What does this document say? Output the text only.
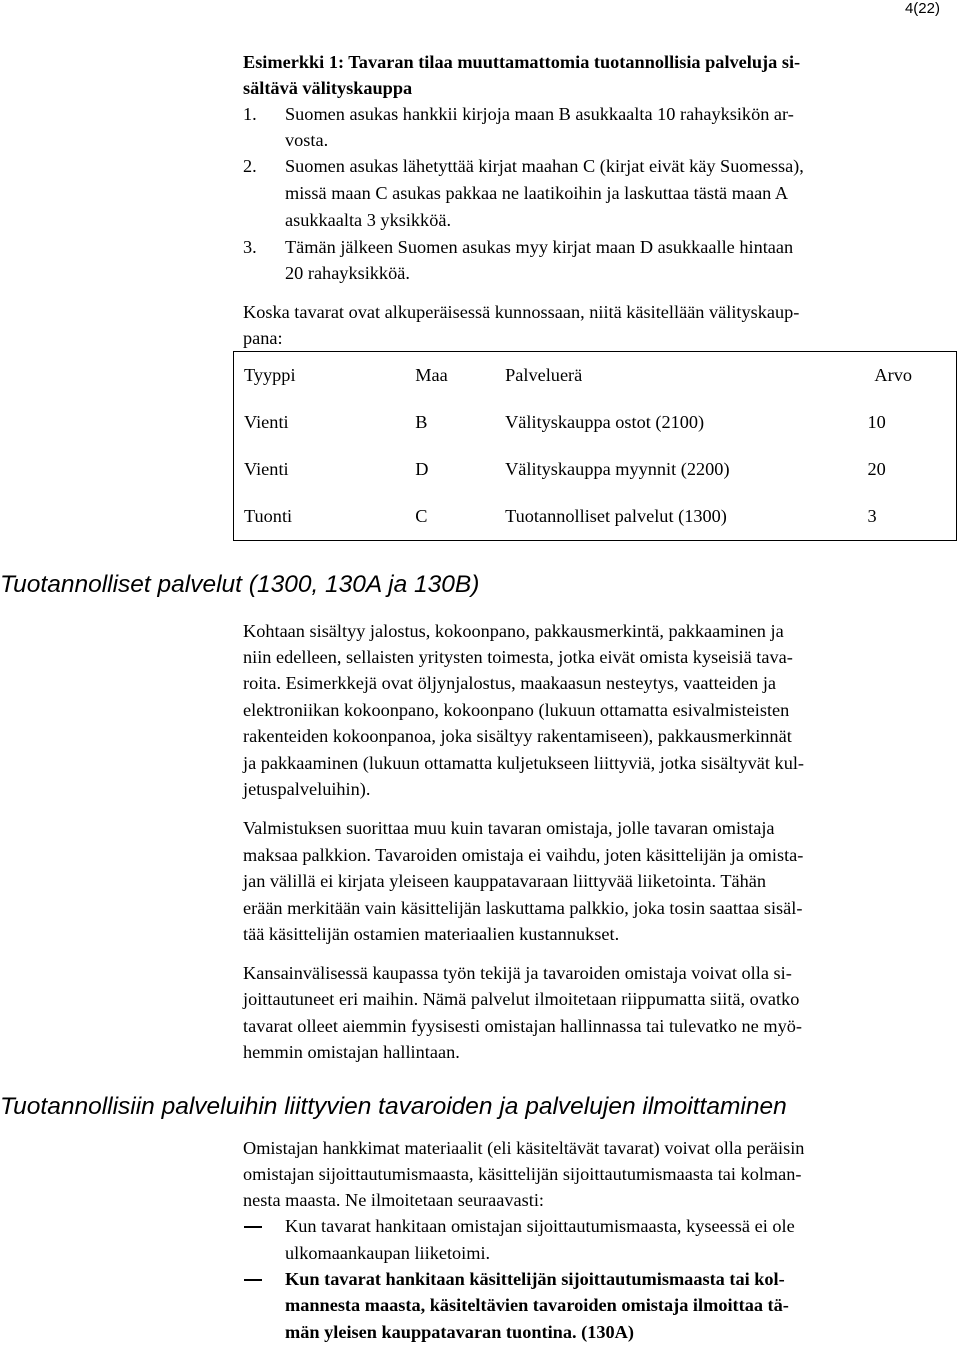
4(22)
Esimerkki 1: Tavaran tilaa muuttamattomia tuotannollisia palveluja si-
sältävä välityskauppa
1. Suomen asukas hankkii kirjoja maan B asukkaalta 10 rahayksikön ar-
vosta.
2. Suomen asukas lähetyttää kirjat maahan C (kirjat eivät käy Suomessa),
missä maan C asukas pakkaa ne laatikoihin ja laskuttaa tästä maan A
asukkaalta 3 yksikköä.
3. Tämän jälkeen Suomen asukas myy kirjat maan D asukkaalle hintaan
20 rahayksikköä.
Koska tavarat ovat alkuperäisessä kunnossaan, niitä käsitellään välityskaup-
pana:
Tyyppi	Maa	Palveluerä	Arvo
Vienti	B	Välityskauppa ostot (2100)	10
Vienti	D	Välityskauppa myynnit (2200)	20
Tuonti	C	Tuotannolliset palvelut (1300)	3
Tuotannolliset palvelut (1300, 130A ja 130B)
Kohtaan sisältyy jalostus, kokoonpano, pakkausmerkintä, pakkaaminen ja
niin edelleen, sellaisten yritysten toimesta, jotka eivät omista kyseisiä tava-
roita. Esimerkkejä ovat öljynjalostus, maakaasun nesteytys, vaatteiden ja
elektroniikan kokoonpano, kokoonpano (lukuun ottamatta esivalmisteisten
rakenteiden kokoonpanoa, joka sisältyy rakentamiseen), pakkausmerkinnät
ja pakkaaminen (lukuun ottamatta kuljetukseen liittyviä, jotka sisältyvät kul-
jetuspalveluihin).
Valmistuksen suorittaa muu kuin tavaran omistaja, jolle tavaran omistaja
maksaa palkkion. Tavaroiden omistaja ei vaihdu, joten käsittelijän ja omista-
jan välillä ei kirjata yleiseen kauppatavaraan liittyvää liiketointa. Tähän
erään merkitään vain käsittelijän laskuttama palkkio, joka tosin saattaa sisäl-
tää käsittelijän ostamien materiaalien kustannukset.
Kansainvälisessä kaupassa työn tekijä ja tavaroiden omistaja voivat olla si-
joittautuneet eri maihin. Nämä palvelut ilmoitetaan riippumatta siitä, ovatko
tavarat olleet aiemmin fyysisesti omistajan hallinnassa tai tulevatko ne myö-
hemmin omistajan hallintaan.
Tuotannollisiin palveluihin liittyvien tavaroiden ja palvelujen ilmoittaminen
Omistajan hankkimat materiaalit (eli käsiteltävät tavarat) voivat olla peräisin
omistajan sijoittautumismaasta, käsittelijän sijoittautumismaasta tai kolman-
nesta maasta. Ne ilmoitetaan seuraavasti:
Kun tavarat hankitaan omistajan sijoittautumismaasta, kyseessä ei ole
ulkomaankaupan liiketoimi.
Kun tavarat hankitaan käsittelijän sijoittautumismaasta tai kol-
mannesta maasta, käsiteltävien tavaroiden omistaja ilmoittaa tä-
män yleisen kauppatavaran tuontina. (130A)
